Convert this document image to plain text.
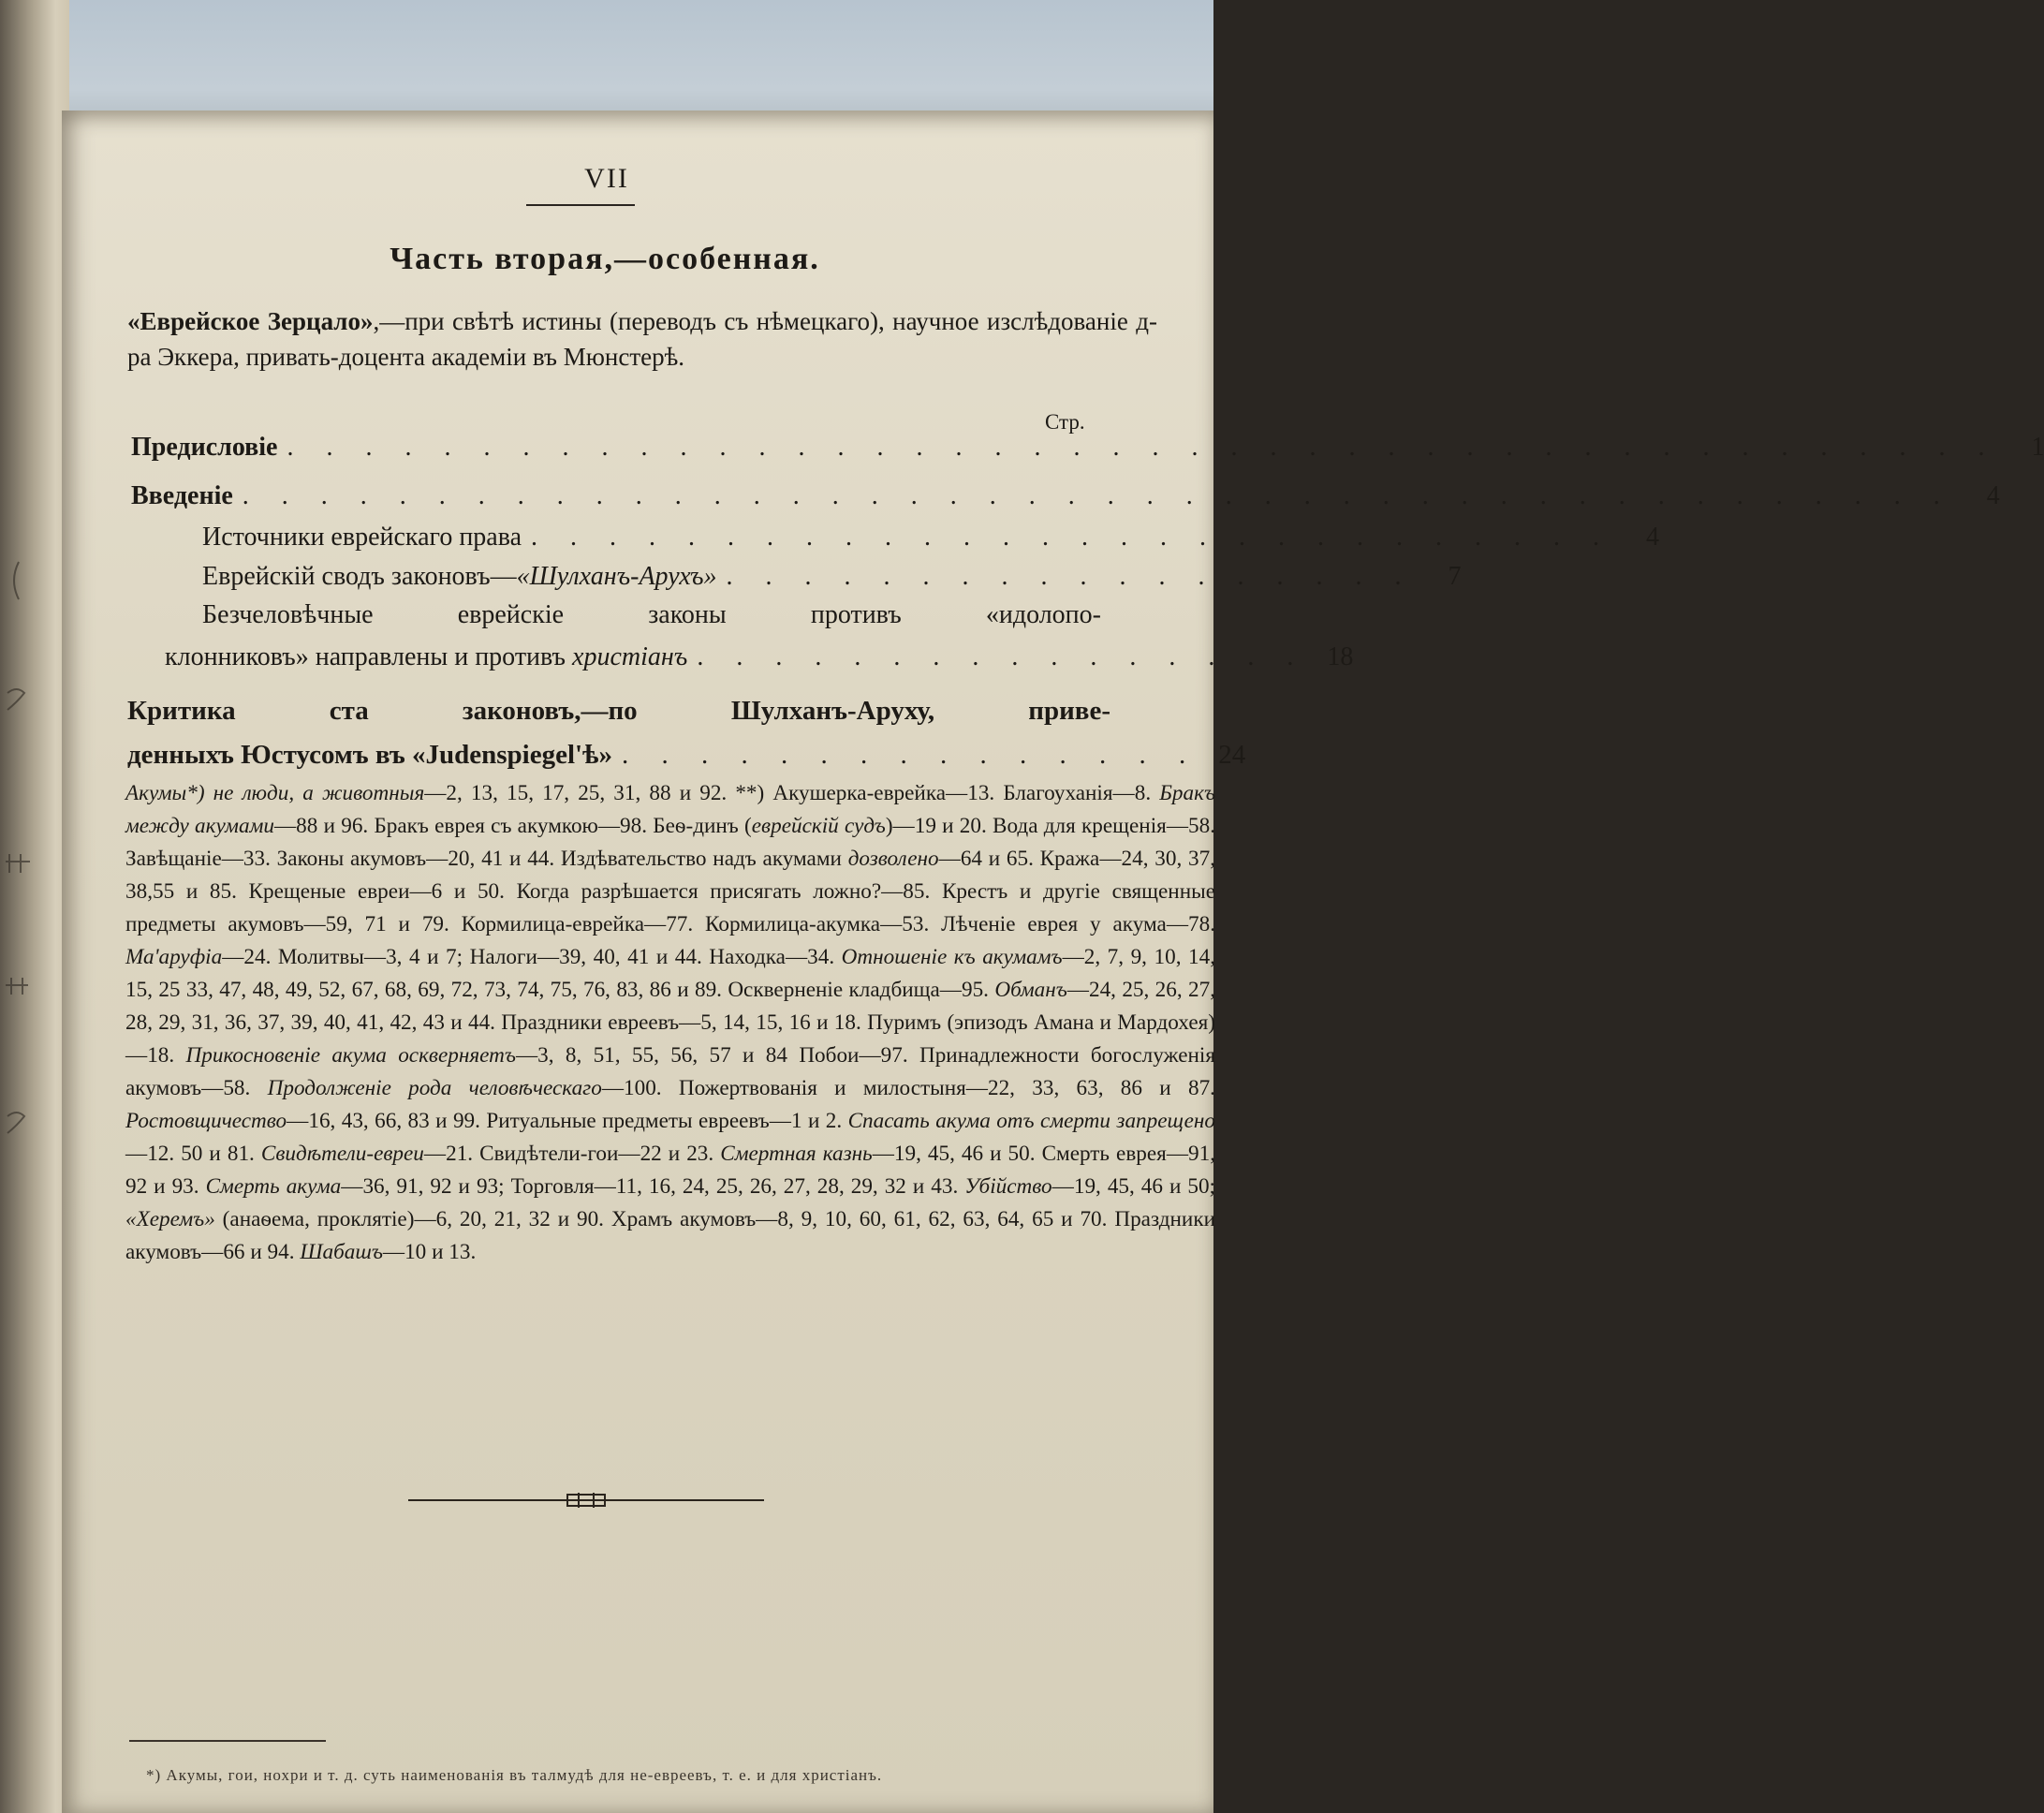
VII
Часть вторая,—особенная.
«Еврейское Зерцало»,—при свѣтѣ истины (переводъ съ нѣмецкаго), научное изслѣдованіе д-ра Эккера, привать-доцента академіи въ Мюнстерѣ.
Стр.
Предисловіе . . . . . . . . . . . . . . . . . . . . . . . . . . . . . . . . . . . . . . . . . . . .	1
Введеніе . . . . . . . . . . . . . . . . . . . . . . . . . . . . . . . . . . . . . . . . . . . .	4
Источники еврейскаго права . . . . . . . . . . . . . . . . . . . . . . . . . . . .	4
Еврейскій сводъ законовъ—«Шулханъ-Арухъ» . . . . . . . . . . . . . . . . . .	7
Безчеловѣчные еврейскіе законы противъ «идолопо-
клонниковъ» направлены и противъ христіанъ . . . . . . . . . . . . . . . . 18
Критика ста законовъ,—по Шулханъ-Аруху, приве-
денныхъ Юстусомъ въ «Judenspiegel'ѣ» . . . . . . . . . . . . . . . 24
Акумы*) не люди, а животныя—2, 13, 15, 17, 25, 31, 88 и 92. **) Акушерка-еврейка—13. Благоуханія—8. Бракъ между акумами—88 и 96. Бракъ еврея съ акумкою—98. Беѳ-динъ (еврейскій судъ)—19 и 20. Вода для крещенія—58. Завѣщаніе—33. Законы акумовъ—20, 41 и 44. Издѣвательство надъ акумами дозволено—64 и 65. Кража—24, 30, 37, 38,55 и 85. Крещеные евреи—6 и 50. Когда разрѣшается присягать ложно?—85. Крестъ и другіе священные предметы акумовъ—59, 71 и 79. Кормилица-еврейка—77. Кормилица-акумка—53. Лѣченіе еврея у акума—78. Ма'аруфіа—24. Молитвы—3, 4 и 7; Налоги—39, 40, 41 и 44. Находка—34. Отношеніе къ акумамъ—2, 7, 9, 10, 14, 15, 25 33, 47, 48, 49, 52, 67, 68, 69, 72, 73, 74, 75, 76, 83, 86 и 89. Оскверненіе кладбища—95. Обманъ—24, 25, 26, 27, 28, 29, 31, 36, 37, 39, 40, 41, 42, 43 и 44. Праздники евреевъ—5, 14, 15, 16 и 18. Пуримъ (эпизодъ Амана и Мардохея)—18. Прикосновеніе акума оскверняетъ—3, 8, 51, 55, 56, 57 и 84 Побои—97. Принадлежности богослуженія акумовъ—58. Продолженіе рода человѣческаго—100. Пожертвованія и милостыня—22, 33, 63, 86 и 87. Ростовщичество—16, 43, 66, 83 и 99. Ритуальные предметы евреевъ—1 и 2. Спасать акума отъ смерти запрещено—12. 50 и 81. Свидѣтели-евреи—21. Свидѣтели-гои—22 и 23. Смертная казнь—19, 45, 46 и 50. Смерть еврея—91, 92 и 93. Смерть акума—36, 91, 92 и 93; Торговля—11, 16, 24, 25, 26, 27, 28, 29, 32 и 43. Убійство—19, 45, 46 и 50; «Херемъ» (анаѳема, проклятіе)—6, 20, 21, 32 и 90. Храмъ акумовъ—8, 9, 10, 60, 61, 62, 63, 64, 65 и 70. Праздники акумовъ—66 и 94. Шабашъ—10 и 13.
*) Акумы, гои, нохри и т. д. суть наименованія въ талмудѣ для не-евреевъ, т. е. и для христіанъ.
